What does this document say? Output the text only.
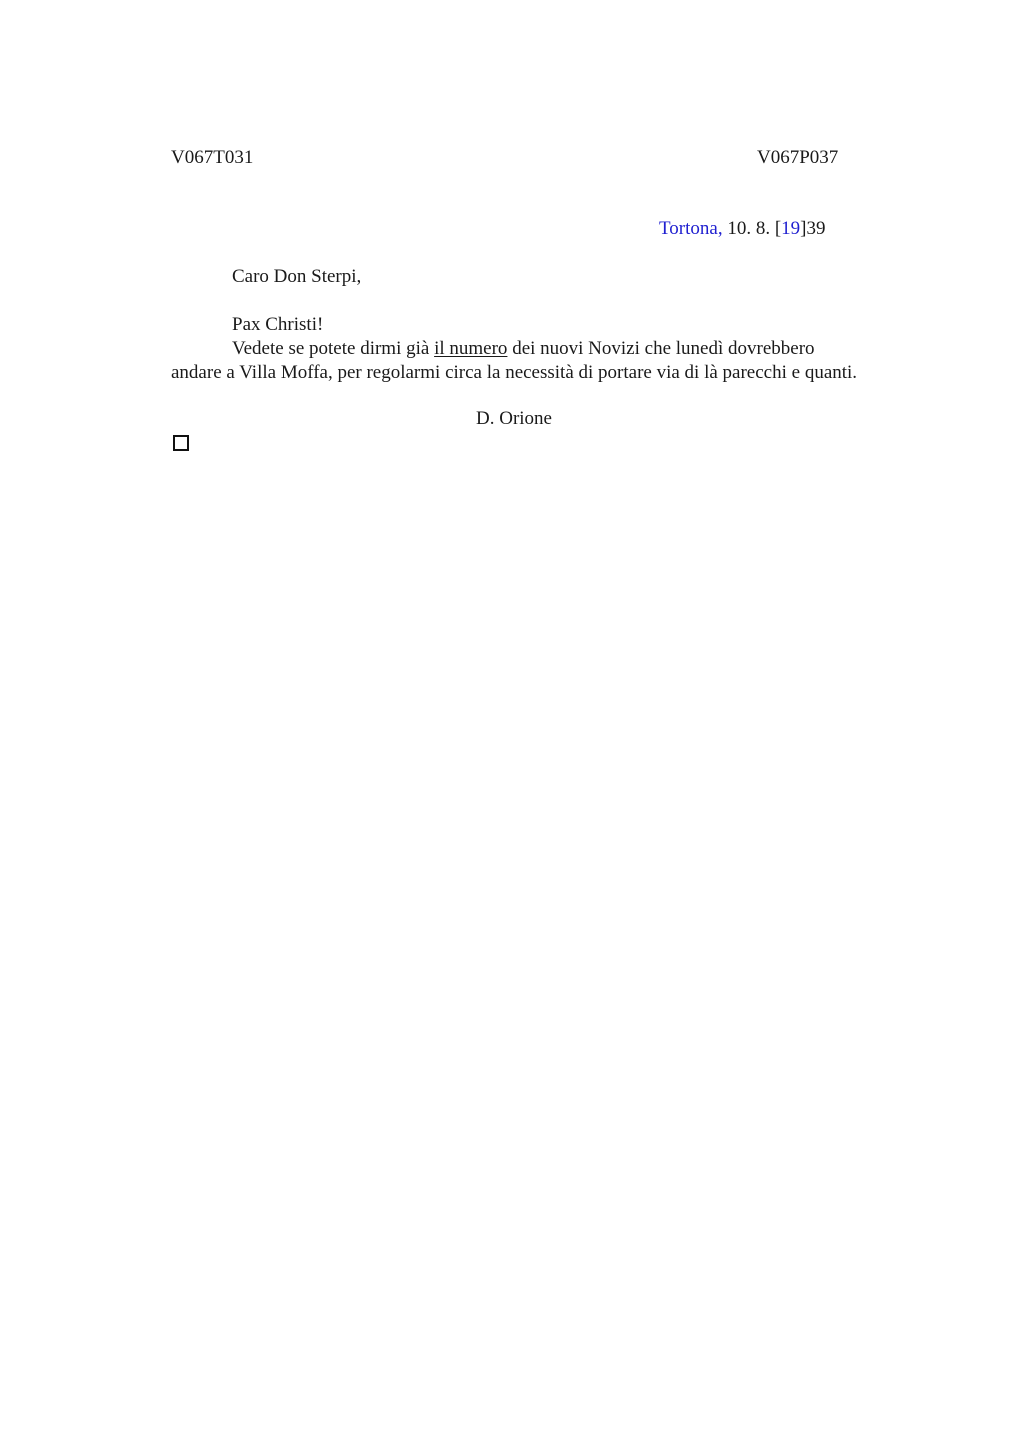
V067T031	V067P037
Tortona, 10. 8. [19]39
Caro Don Sterpi,
Pax Christi!
Vedete se potete dirmi già il numero dei nuovi Novizi che lunedì dovrebbero
andare a Villa Moffa, per regolarmi circa la necessità di portare via di là parecchi e quanti.
D. Orione
